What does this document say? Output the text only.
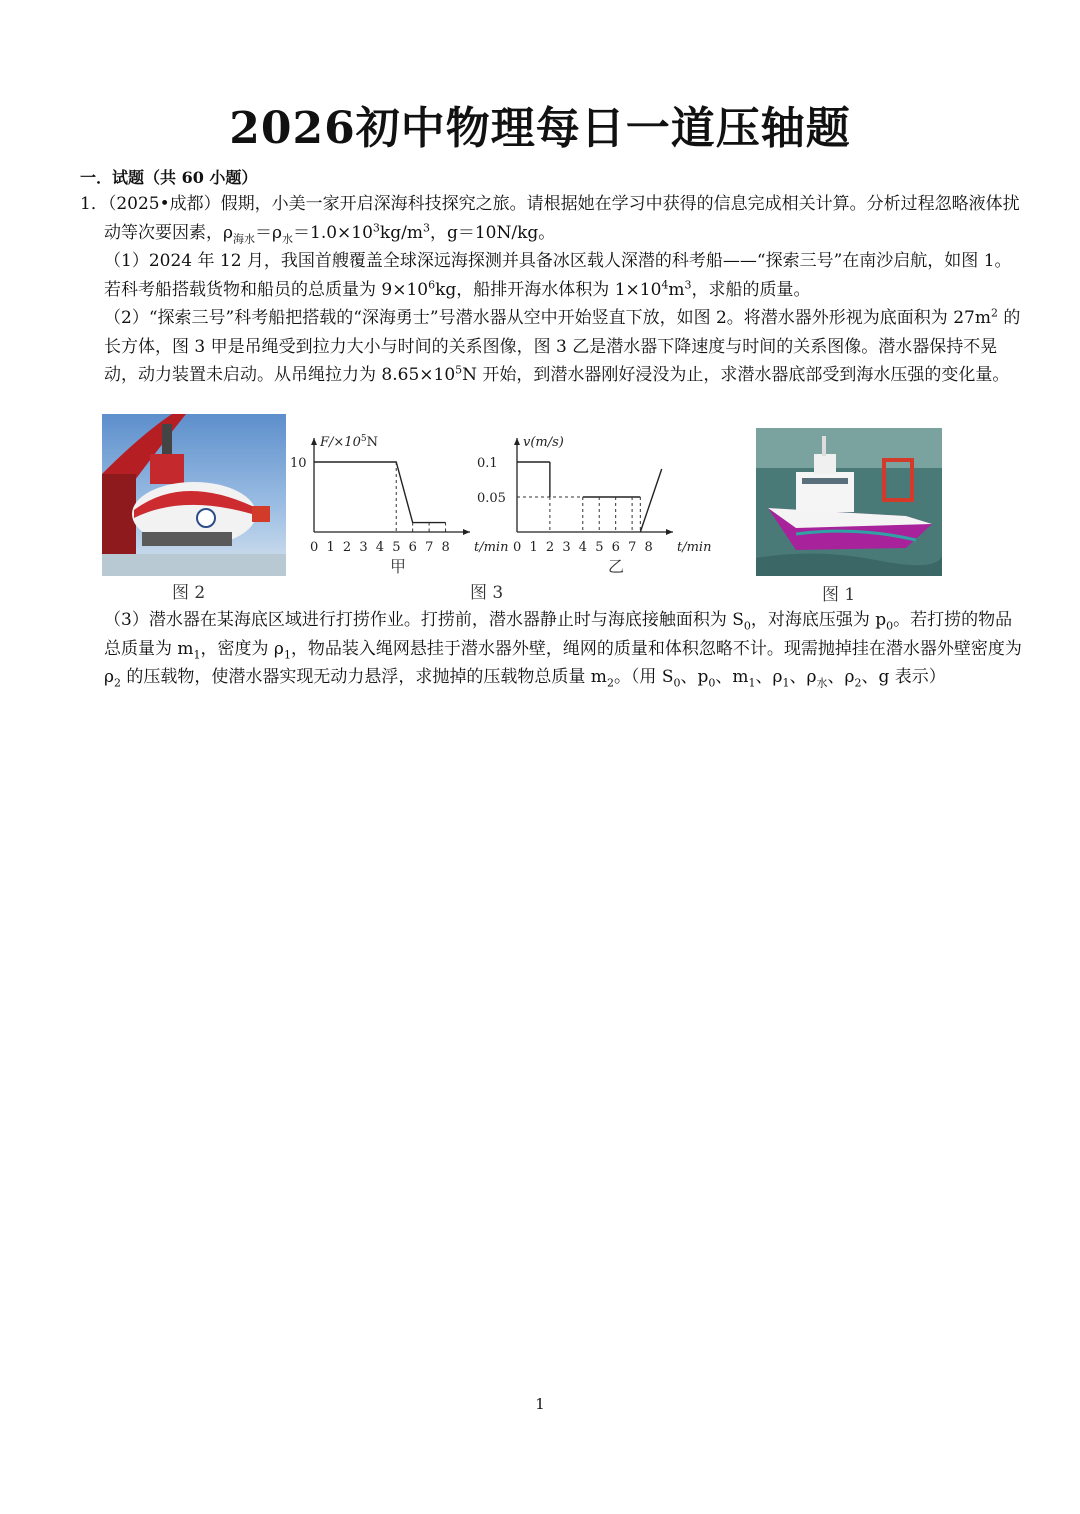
2026初中物理每日一道压轴题
一．试题（共 60 小题）

1．（2025•成都）假期，小美一家开启深海科技探究之旅。请根据她在学习中获得的信息完成相关计算。分析过程忽略液体扰动等次要因素，$\rho_{海水}=\rho_水=1.0\times 10^3kg/m^3$，g＝10N/kg。

（1）2024 年 12 月，我国首艘覆盖全球深远海探测并具备冰区载人深潜的科考船——“探索三号”在南沙启航，如图 1。若科考船搭载货物和船员的总质量为 $9\times 10^6kg$，船排开海水体积为 $1\times 10^4m^3$，求船的质量。

（2）“探索三号”科考船把搭载的“深海勇士”号潜水器从空中开始竖直下放，如图 2。将潜水器外形视为底面积为 $27m^2$ 的长方体，图 3 甲是吊绳受到拉力大小与时间的关系图像，图 3 乙是潜水器下降速度与时间的关系图像。潜水器保持不晃动，动力装置未启动。从吊绳拉力为 $8.65\times 10^5N$ 开始，到潜水器刚好浸没为止，求潜水器底部受到海水压强的变化量。

图 2
$F/\times 10^5N$
t/min
0 1 2 3 4 5 6 7 8
10
甲
v(m/s)
t/min
0 1 2 3 4 5 6 7 8
0.1
0.05
乙
图 3	图 1

（3）潜水器在某海底区域进行打捞作业。打捞前，潜水器静止时与海底接触面积为 $S_0$，对海底压强为 $p_0$。若打捞的物品总质量为 $m_1$，密度为 $\rho_1$，物品装入绳网悬挂于潜水器外壁，绳网的质量和体积忽略不计。现需抛掉挂在潜水器外壁密度为 $\rho_2$ 的压载物，使潜水器实现无动力悬浮，求抛掉的压载物总质量 $m_2$。（用 $S_0$、$p_0$、$m_1$、$\rho_1$、$\rho_水$、$\rho_2$、g 表示）

1
